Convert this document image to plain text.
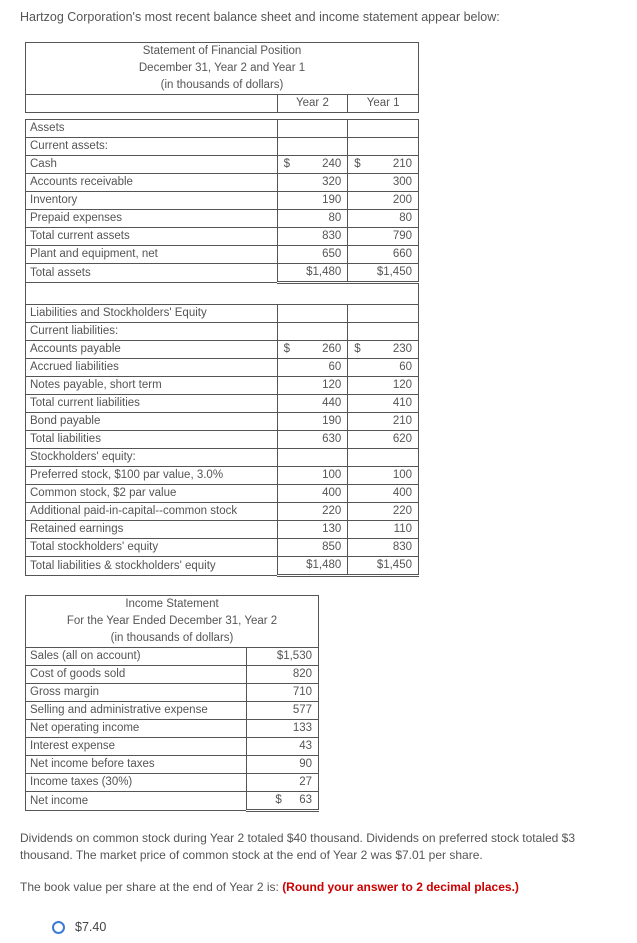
Hartzog Corporation's most recent balance sheet and income statement appear below:
Statement of Financial Position
December 31, Year 2 and Year 1
(in thousands of dollars)		

	Year 2	Year 1

Assets		
Current assets:		
Cash	$ 240	$ 210

Accounts receivable	320	300

Inventory	190	200

Prepaid expenses	80	80

Total current assets	830	790

Plant and equipment, net	650	660

Total assets	$1,480	$1,450

Liabilities and Stockholders' Equity		
Current liabilities:		
Accounts payable	$ 260	$ 230

Accrued liabilities	60	60

Notes payable, short term	120	120

Total current liabilities	440	410

Bond payable	190	210

Total liabilities	630	620

Stockholders' equity:		
Preferred stock, $100 par value, 3.0%	100	100

Common stock, $2 par value	400	400

Additional paid-in-capital--common stock	220	220

Retained earnings	130	110

Total stockholders' equity	850	830

Total liabilities & stockholders' equity	$1,480	$1,450
Income Statement
For the Year Ended December 31, Year 2
(in thousands of dollars)	

Sales (all on account)	$1,530

Cost of goods sold	820

Gross margin	710

Selling and administrative expense	577

Net operating income	133

Interest expense	43

Net income before taxes	90

Income taxes (30%)	27

Net income	$ 63
Dividends on common stock during Year 2 totaled $40 thousand. Dividends on preferred stock totaled $3 thousand. The market price of common stock at the end of Year 2 was $7.01 per share.
The book value per share at the end of Year 2 is: (Round your answer to 2 decimal places.)
$7.40
